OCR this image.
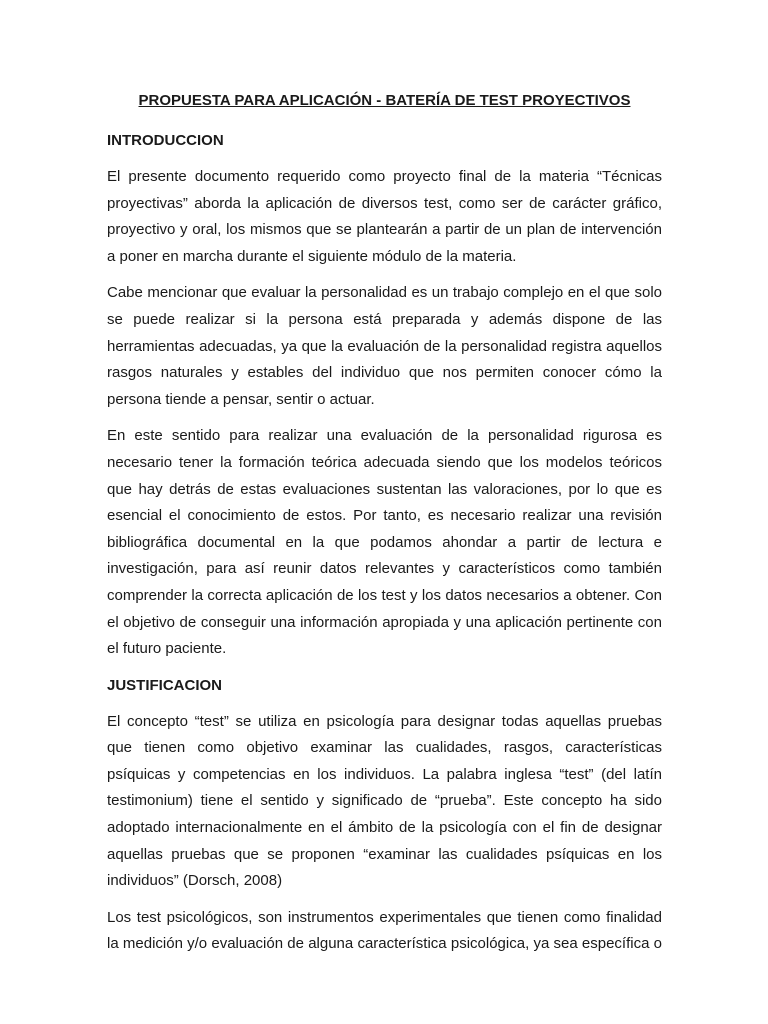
PROPUESTA PARA APLICACIÓN - BATERÍA DE TEST PROYECTIVOS

INTRODUCCION

El presente documento requerido como proyecto final de la materia “Técnicas proyectivas” aborda la aplicación de diversos test, como ser de carácter gráfico, proyectivo y oral, los mismos que se plantearán a partir de un plan de intervención a poner en marcha durante el siguiente módulo de la materia.

Cabe mencionar que evaluar la personalidad es un trabajo complejo en el que solo se puede realizar si la persona está preparada y además dispone de las herramientas adecuadas, ya que la evaluación de la personalidad registra aquellos rasgos naturales y estables del individuo que nos permiten conocer cómo la persona tiende a pensar, sentir o actuar.

En este sentido para realizar una evaluación de la personalidad rigurosa es necesario tener la formación teórica adecuada siendo que los modelos teóricos que hay detrás de estas evaluaciones sustentan las valoraciones, por lo que es esencial el conocimiento de estos. Por tanto, es necesario realizar una revisión bibliográfica documental en la que podamos ahondar a partir de lectura e investigación, para así reunir datos relevantes y característicos como también comprender la correcta aplicación de los test y los datos necesarios a obtener. Con el objetivo de conseguir una información apropiada y una aplicación pertinente con el futuro paciente.

JUSTIFICACION

El concepto “test” se utiliza en psicología para designar todas aquellas pruebas que tienen como objetivo examinar las cualidades, rasgos, características psíquicas y competencias en los individuos. La palabra inglesa “test” (del latín testimonium) tiene el sentido y significado de “prueba”. Este concepto ha sido adoptado internacionalmente en el ámbito de la psicología con el fin de designar aquellas pruebas que se proponen “examinar las cualidades psíquicas en los individuos” (Dorsch, 2008)

Los test psicológicos, son instrumentos experimentales que tienen como finalidad la medición y/o evaluación de alguna característica psicológica, ya sea específica o
